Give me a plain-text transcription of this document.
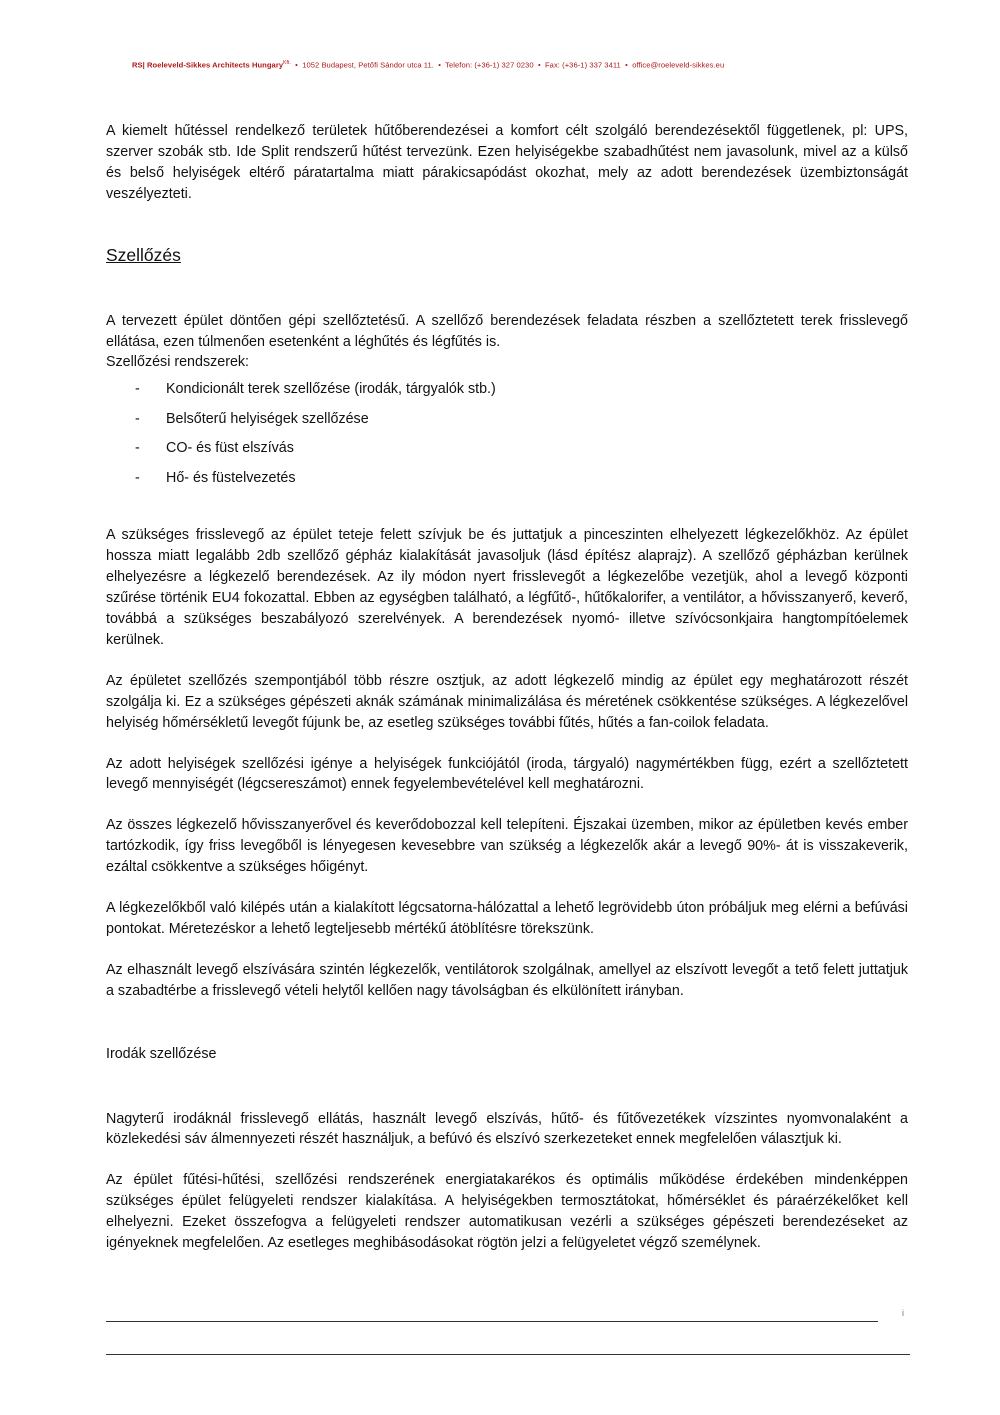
RS| Roeleveld-Sikkes Architects Hungary$^{Kft.}$ • 1052 Budapest, Petőfi Sándor utca 11. • Telefon: (+36-1) 327 0230 • Fax: (+36-1) 337 3411 • office@roeleveld-sikkes.eu

A kiemelt hűtéssel rendelkező területek hűtőberendezései a komfort célt szolgáló berendezésektől függetlenek, pl: UPS, szerver szobák stb. Ide Split rendszerű hűtést tervezünk. Ezen helyiségekbe szabadhűtést nem javasolunk, mivel az a külső és belső helyiségek eltérő páratartalma miatt párakicsapódást okozhat, mely az adott berendezések üzembiztonságát veszélyezteti.

Szellőzés

A tervezett épület döntően gépi szellőztetésű. A szellőző berendezések feladata részben a szellőztetett terek frisslevegő ellátása, ezen túlmenően esetenként a léghűtés és légfűtés is.

Szellőzési rendszerek:

- Kondicionált terek szellőzése (irodák, tárgyalók stb.)
- Belsőterű helyiségek szellőzése
- CO- és füst elszívás
- Hő- és füstelvezetés

A szükséges frisslevegő az épület teteje felett szívjuk be és juttatjuk a pinceszinten elhelyezett légkezelőkhöz. Az épület hossza miatt legalább 2db szellőző gépház kialakítását javasoljuk (lásd építész alaprajz). A szellőző gépházban kerülnek elhelyezésre a légkezelő berendezések. Az ily módon nyert frisslevegőt a légkezelőbe vezetjük, ahol a levegő központi szűrése történik EU4 fokozattal. Ebben az egységben található, a légfűtő-, hűtőkalorifer, a ventilátor, a hővisszanyerő, keverő, továbbá a szükséges beszabályozó szerelvények. A berendezések nyomó- illetve szívócsonkjaira hangtompítóelemek kerülnek.

Az épületet szellőzés szempontjából több részre osztjuk, az adott légkezelő mindig az épület egy meghatározott részét szolgálja ki. Ez a szükséges gépészeti aknák számának minimalizálása és méretének csökkentése szükséges. A légkezelővel helyiség hőmérsékletű levegőt fújunk be, az esetleg szükséges további fűtés, hűtés a fan-coilok feladata.

Az adott helyiségek szellőzési igénye a helyiségek funkciójától (iroda, tárgyaló) nagymértékben függ, ezért a szellőztetett levegő mennyiségét (légcsereszámot) ennek fegyelembevételével kell meghatározni.

Az összes légkezelő hővisszanyerővel és keverődobozzal kell telepíteni. Éjszakai üzemben, mikor az épületben kevés ember tartózkodik, így friss levegőből is lényegesen kevesebbre van szükség a légkezelők akár a levegő 90%- át is visszakeverik, ezáltal csökkentve a szükséges hőigényt.

A légkezelőkből való kilépés után a kialakított légcsatorna-hálózattal a lehető legrövidebb úton próbáljuk meg elérni a befúvási pontokat. Méretezéskor a lehető legteljesebb mértékű átöblítésre törekszünk.

Az elhasznált levegő elszívására szintén légkezelők, ventilátorok szolgálnak, amellyel az elszívott levegőt a tető felett juttatjuk a szabadtérbe a frisslevegő vételi helytől kellően nagy távolságban és elkülönített irányban.

Irodák szellőzése

Nagyterű irodáknál frisslevegő ellátás, használt levegő elszívás, hűtő- és fűtővezetékek vízszintes nyomvonalaként a közlekedési sáv álmennyezeti részét használjuk, a befúvó és elszívó szerkezeteket ennek megfelelően választjuk ki.

Az épület fűtési-hűtési, szellőzési rendszerének energiatakarékos és optimális működése érdekében mindenképpen szükséges épület felügyeleti rendszer kialakítása. A helyiségekben termosztátokat, hőmérséklet és páraérzékelőket kell elhelyezni. Ezeket összefogva a felügyeleti rendszer automatikusan vezérli a szükséges gépészeti berendezéseket az igényeknek megfelelően. Az esetleges meghibásodásokat rögtön jelzi a felügyeletet végző személynek.

i
